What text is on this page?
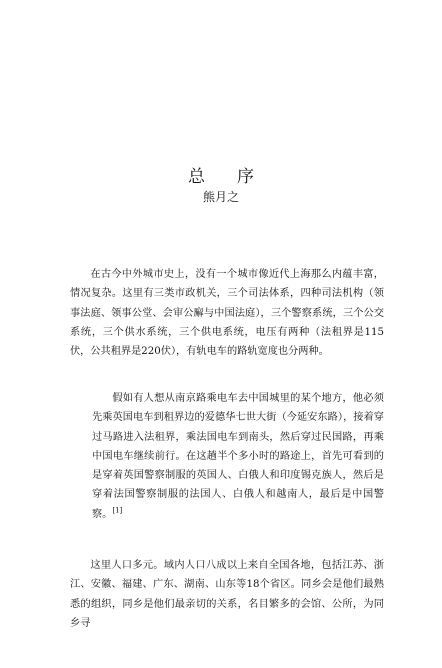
总 序

熊月之

在古今中外城市史上，没有一个城市像近代上海那么内蕴丰富，情况复杂。这里有三类市政机关，三个司法体系，四种司法机构（领事法庭、领事公堂、会审公廨与中国法庭），三个警察系统，三个公交系统，三个供水系统，三个供电系统，电压有两种（法租界是115伏，公共租界是220伏），有轨电车的路轨宽度也分两种。

假如有人想从南京路乘电车去中国城里的某个地方，他必须先乘英国电车到租界边的爱德华七世大街（今延安东路），接着穿过马路进入法租界，乘法国电车到南头，然后穿过民国路，再乘中国电车继续前行。在这趟半个多小时的路途上，首先可看到的是穿着英国警察制服的英国人、白俄人和印度锡克族人，然后是穿着法国警察制服的法国人、白俄人和越南人，最后是中国警察。[1]

这里人口多元。域内人口八成以上来自全国各地，包括江苏、浙江、安徽、福建、广东、湖南、山东等18个省区。同乡会是他们最熟悉的组织，同乡是他们最亲切的关系，名目繁多的会馆、公所，为同乡寻
